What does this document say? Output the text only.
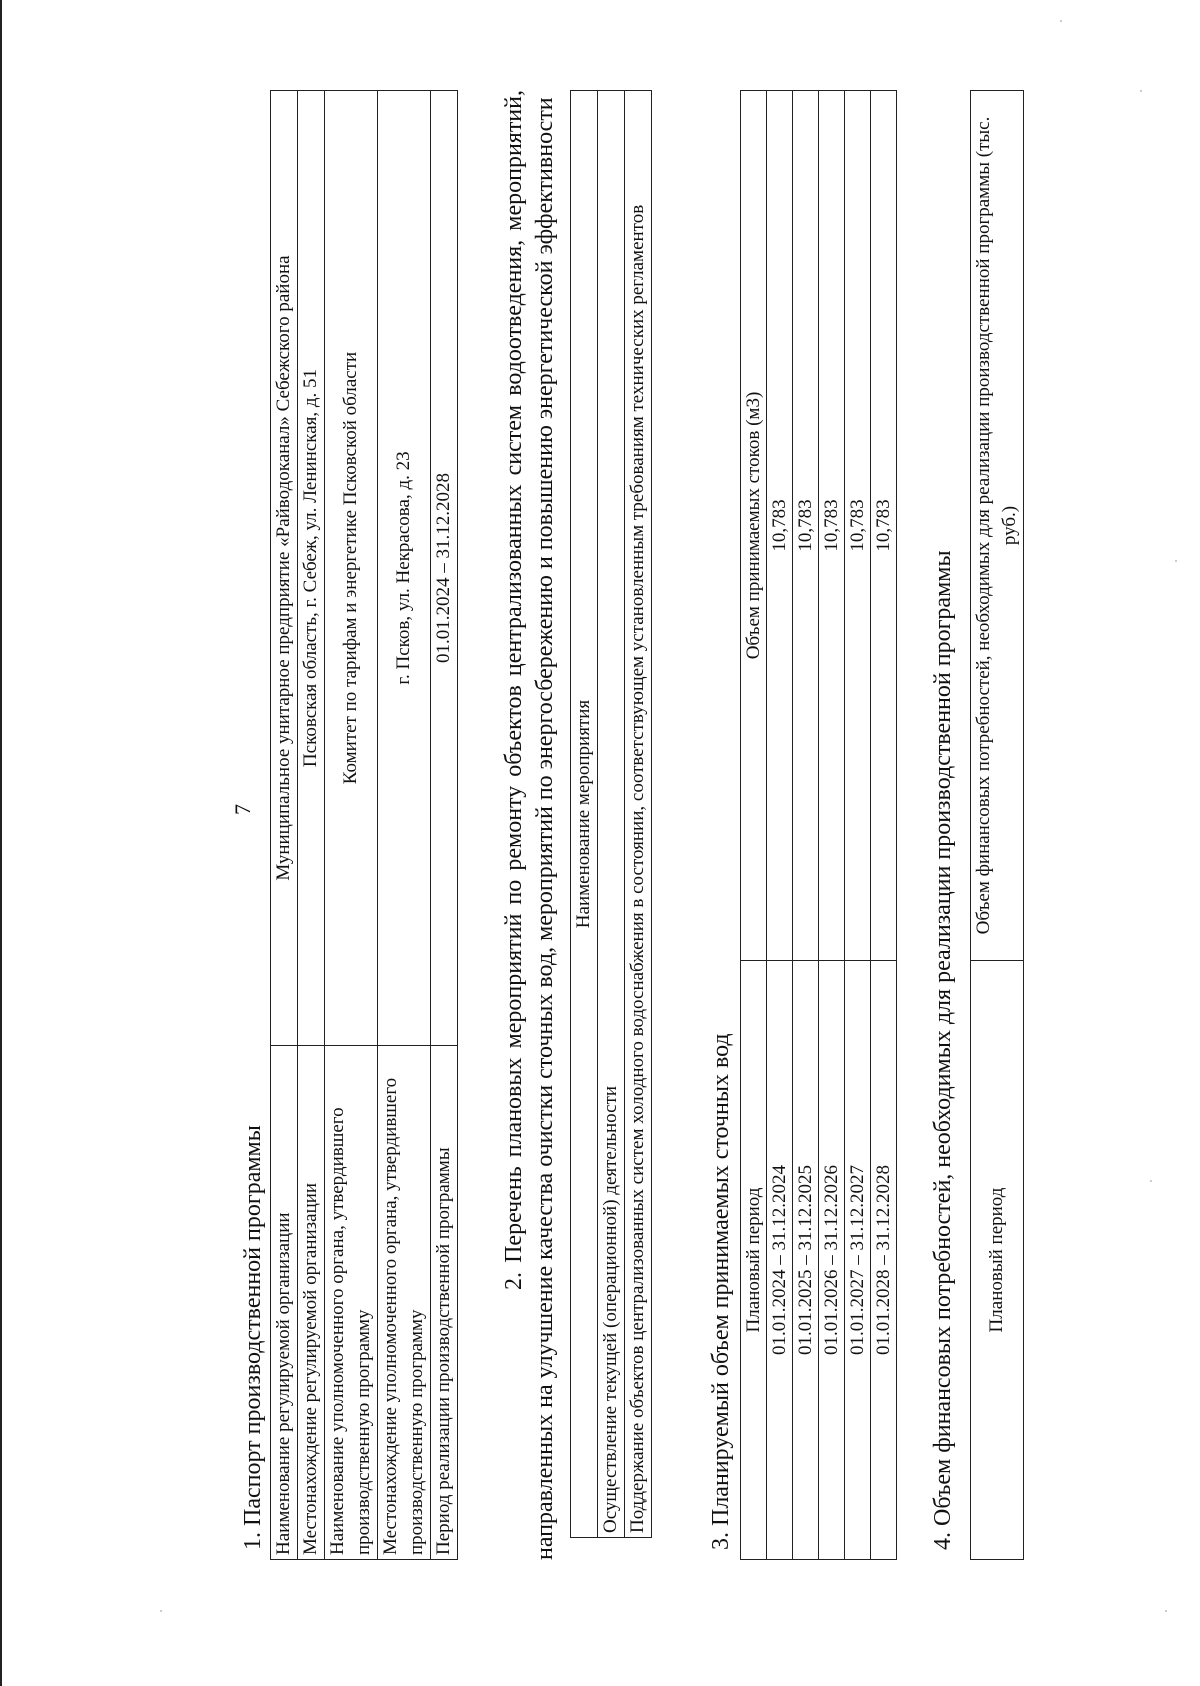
7
1. Паспорт производственной программы Наименование регулируемой организации	Муниципальное унитарное предприятие «Райводоканал» Себежского района
Местонахождение регулируемой организации	Псковская область, г. Себеж, ул. Ленинская, д. 51
Наименование уполномоченного органа, утвердившего производственную программу	Комитет по тарифам и энергетике Псковской области
Местонахождение уполномоченного органа, утвердившего производственную программу	г. Псков, ул. Некрасова, д. 23
Период реализации производственной программы	01.01.2024 – 31.12.2028 2. Перечень плановых мероприятий по ремонту объектов централизованных систем водоотведения, мероприятий, направленных на улучшение качества очистки сточных вод, мероприятий по энергосбережению и повышению энергетической эффективности Наименование мероприятия
Осуществление текущей (операционной) деятельности
Поддержание объектов централизованных систем холодного водоснабжения в состоянии, соответствующем установленным требованиям технических регламентов	3. Планируемый объем принимаемых сточных вод Плановый период	Объем принимаемых стоков (м3)
01.01.2024 – 31.12.2024	10,783
01.01.2025 – 31.12.2025	10,783
01.01.2026 – 31.12.2026	10,783
01.01.2027 – 31.12.2027	10,783
01.01.2028 – 31.12.2028	10,783
4. Объем финансовых потребностей, необходимых для реализации производственной программы Плановый период	Объем финансовых потребностей, необходимых для реализации производственной программы (тыс. руб.)
